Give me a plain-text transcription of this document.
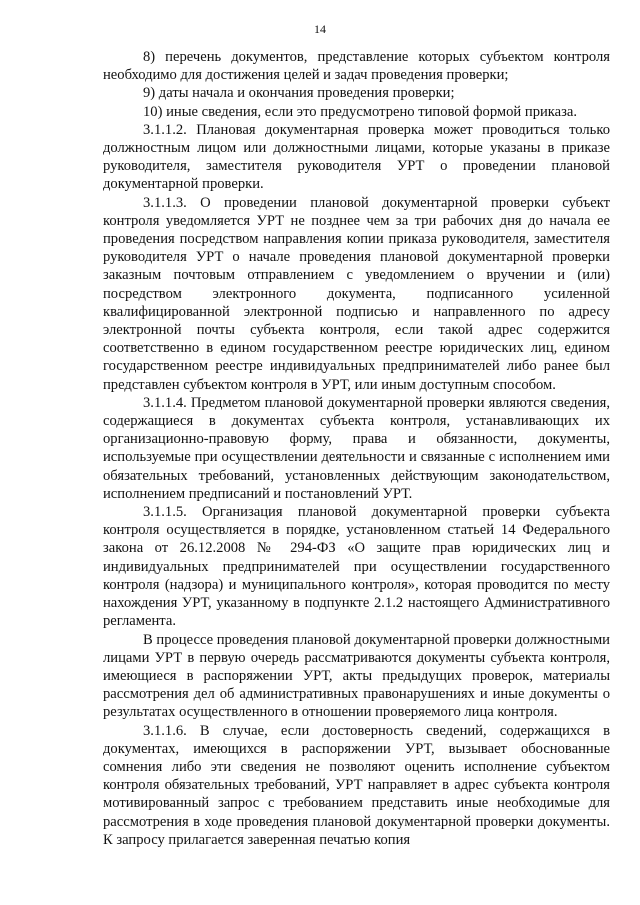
14

8) перечень документов, представление которых субъектом контроля необходимо для достижения целей и задач проведения проверки;

9) даты начала и окончания проведения проверки;

10) иные сведения, если это предусмотрено типовой формой приказа.

3.1.1.2. Плановая документарная проверка может проводиться только должностным лицом или должностными лицами, которые указаны в приказе руководителя, заместителя руководителя УРТ о проведении плановой документарной проверки.

3.1.1.3. О проведении плановой документарной проверки субъект контроля уведомляется УРТ не позднее чем за три рабочих дня до начала ее проведения посредством направления копии приказа руководителя, заместителя руководителя УРТ о начале проведения плановой документарной проверки заказным почтовым отправлением с уведомлением о вручении и (или) посредством электронного документа, подписанного усиленной квалифицированной электронной подписью и направленного по адресу электронной почты субъекта контроля, если такой адрес содержится соответственно в едином государственном реестре юридических лиц, едином государственном реестре индивидуальных предпринимателей либо ранее был представлен субъектом контроля в УРТ, или иным доступным способом.

3.1.1.4. Предметом плановой документарной проверки являются сведения, содержащиеся в документах субъекта контроля, устанавливающих их организационно-правовую форму, права и обязанности, документы, используемые при осуществлении деятельности и связанные с исполнением ими обязательных требований, установленных действующим законодательством, исполнением предписаний и постановлений УРТ.

3.1.1.5. Организация плановой документарной проверки субъекта контроля осуществляется в порядке, установленном статьей 14 Федерального закона от 26.12.2008 № 294-ФЗ «О защите прав юридических лиц и индивидуальных предпринимателей при осуществлении государственного контроля (надзора) и муниципального контроля», которая проводится по месту нахождения УРТ, указанному в подпункте 2.1.2 настоящего Административного регламента.

В процессе проведения плановой документарной проверки должностными лицами УРТ в первую очередь рассматриваются документы субъекта контроля, имеющиеся в распоряжении УРТ, акты предыдущих проверок, материалы рассмотрения дел об административных правонарушениях и иные документы о результатах осуществленного в отношении проверяемого лица контроля.

3.1.1.6. В случае, если достоверность сведений, содержащихся в документах, имеющихся в распоряжении УРТ, вызывает обоснованные сомнения либо эти сведения не позволяют оценить исполнение субъектом контроля обязательных требований, УРТ направляет в адрес субъекта контроля мотивированный запрос с требованием представить иные необходимые для рассмотрения в ходе проведения плановой документарной проверки документы. К запросу прилагается заверенная печатью копия
